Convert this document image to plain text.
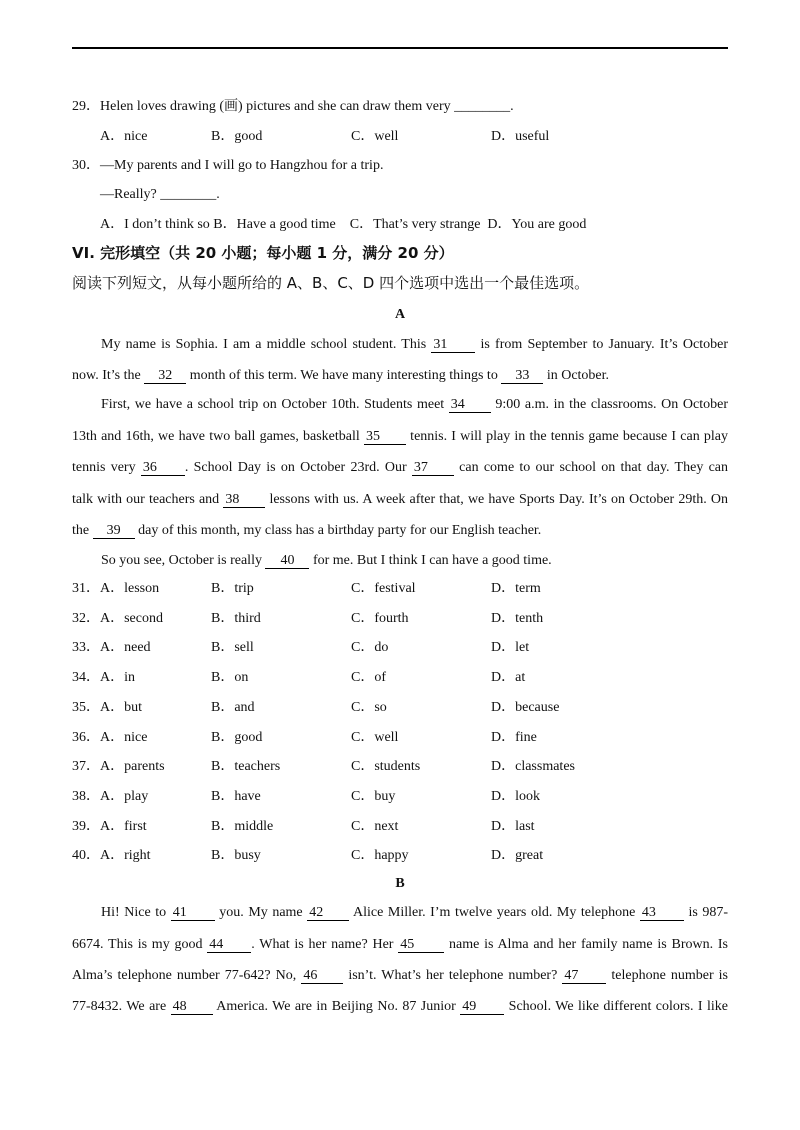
29．Helen loves drawing (画) pictures and she can draw them very ________.
A．nice	B．good	C．well	D．useful
30．—My parents and I will go to Hangzhou for a trip.
—Really? ________.
A．I don’t think so B．Have a good time    C．That’s very strange  D．You are good
VI. 完形填空（共 20 小题；每小题 1 分，满分 20 分）
阅读下列短文，从每小题所给的 A、B、C、D 四个选项中选出一个最佳选项。
A
My name is Sophia. I am a middle school student. This 31 is from September to January. It’s October
now. It’s the 32 month of this term. We have many interesting things to 33 in October.
First, we have a school trip on October 10th. Students meet 34 9:00 a.m. in the classrooms. On October
13th and 16th, we have two ball games, basketball 35 tennis. I will play in the tennis game because I can play
tennis very 36 . School Day is on October 23rd. Our 37 can come to our school on that day. They can
talk with our teachers and 38 lessons with us. A week after that, we have Sports Day. It’s on October 29th. On
the 39 day of this month, my class has a birthday party for our English teacher.
So you see, October is really 40 for me. But I think I can have a good time.
31． A．lesson	B．trip	C．festival	D．term
32． A．second	B．third	C．fourth	D．tenth
33． A．need	B．sell	C．do	D．let
34． A．in	B．on	C．of	D．at
35． A．but	B．and	C．so	D．because
36． A．nice	B．good	C．well	D．fine
37． A．parents	B．teachers	C．students	D．classmates
38． A．play	B．have	C．buy	D．look
39． A．first	B．middle	C．next	D．last
40． A．right	B．busy	C．happy	D．great
B
Hi! Nice to 41 you. My name 42 Alice Miller. I’m twelve years old. My telephone 43 is 987-
6674. This is my good 44 . What is her name? Her 45 name is Alma and her family name is Brown. Is
Alma’s telephone number 77-642? No, 46 isn’t. What’s her telephone number? 47 telephone number is
77-8432. We are 48 America. We are in Beijing No. 87 Junior 49 School. We like different colors. I like
